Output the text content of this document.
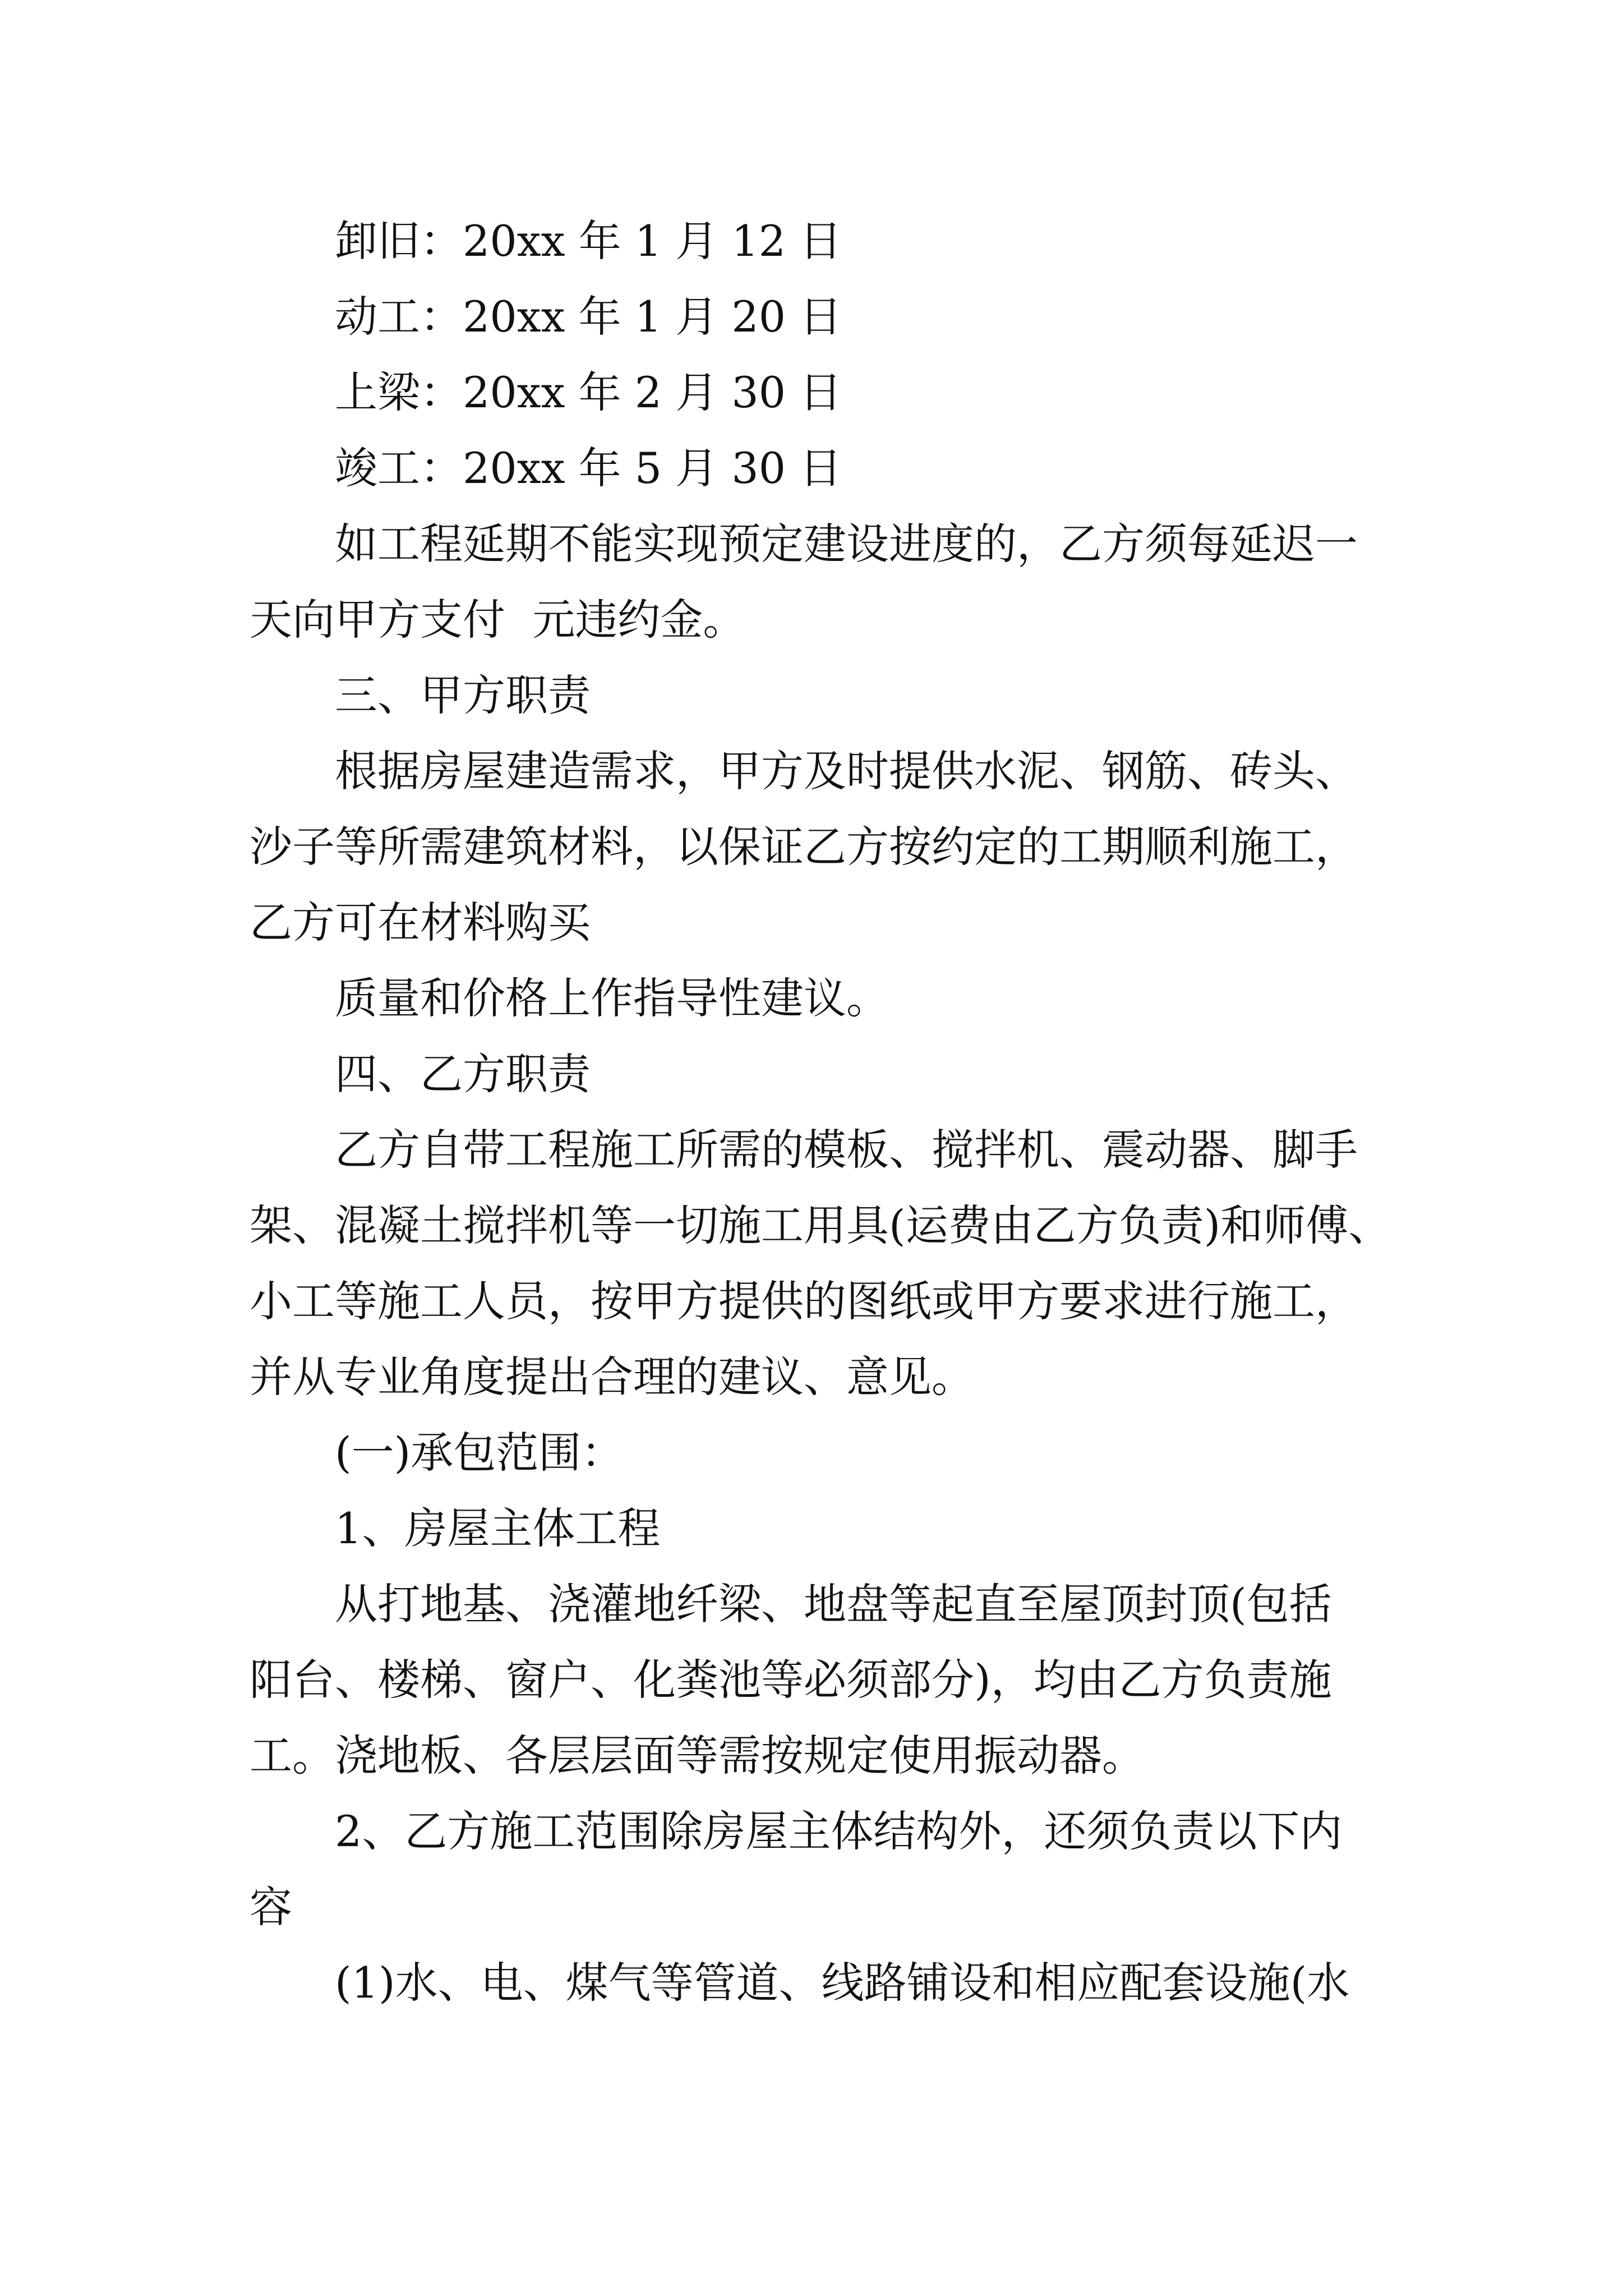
卸旧：20xx 年 1 月 12 日

动工：20xx 年 1 月 20 日

上梁：20xx 年 2 月 30 日

竣工：20xx 年 5 月 30 日

如工程延期不能实现预定建设进度的，乙方须每延迟一

天向甲方支付  元违约金。

三、甲方职责

根据房屋建造需求，甲方及时提供水泥、钢筋、砖头、

沙子等所需建筑材料，以保证乙方按约定的工期顺利施工，

乙方可在材料购买

质量和价格上作指导性建议。

四、乙方职责

乙方自带工程施工所需的模板、搅拌机、震动器、脚手

架、混凝土搅拌机等一切施工用具(运费由乙方负责)和师傅、

小工等施工人员，按甲方提供的图纸或甲方要求进行施工，

并从专业角度提出合理的建议、意见。

(一)承包范围：

1、房屋主体工程

从打地基、浇灌地纤梁、地盘等起直至屋顶封顶(包括

阳台、楼梯、窗户、化粪池等必须部分)，均由乙方负责施

工。浇地板、各层层面等需按规定使用振动器。

2、乙方施工范围除房屋主体结构外，还须负责以下内

容

(1)水、电、煤气等管道、线路铺设和相应配套设施(水
